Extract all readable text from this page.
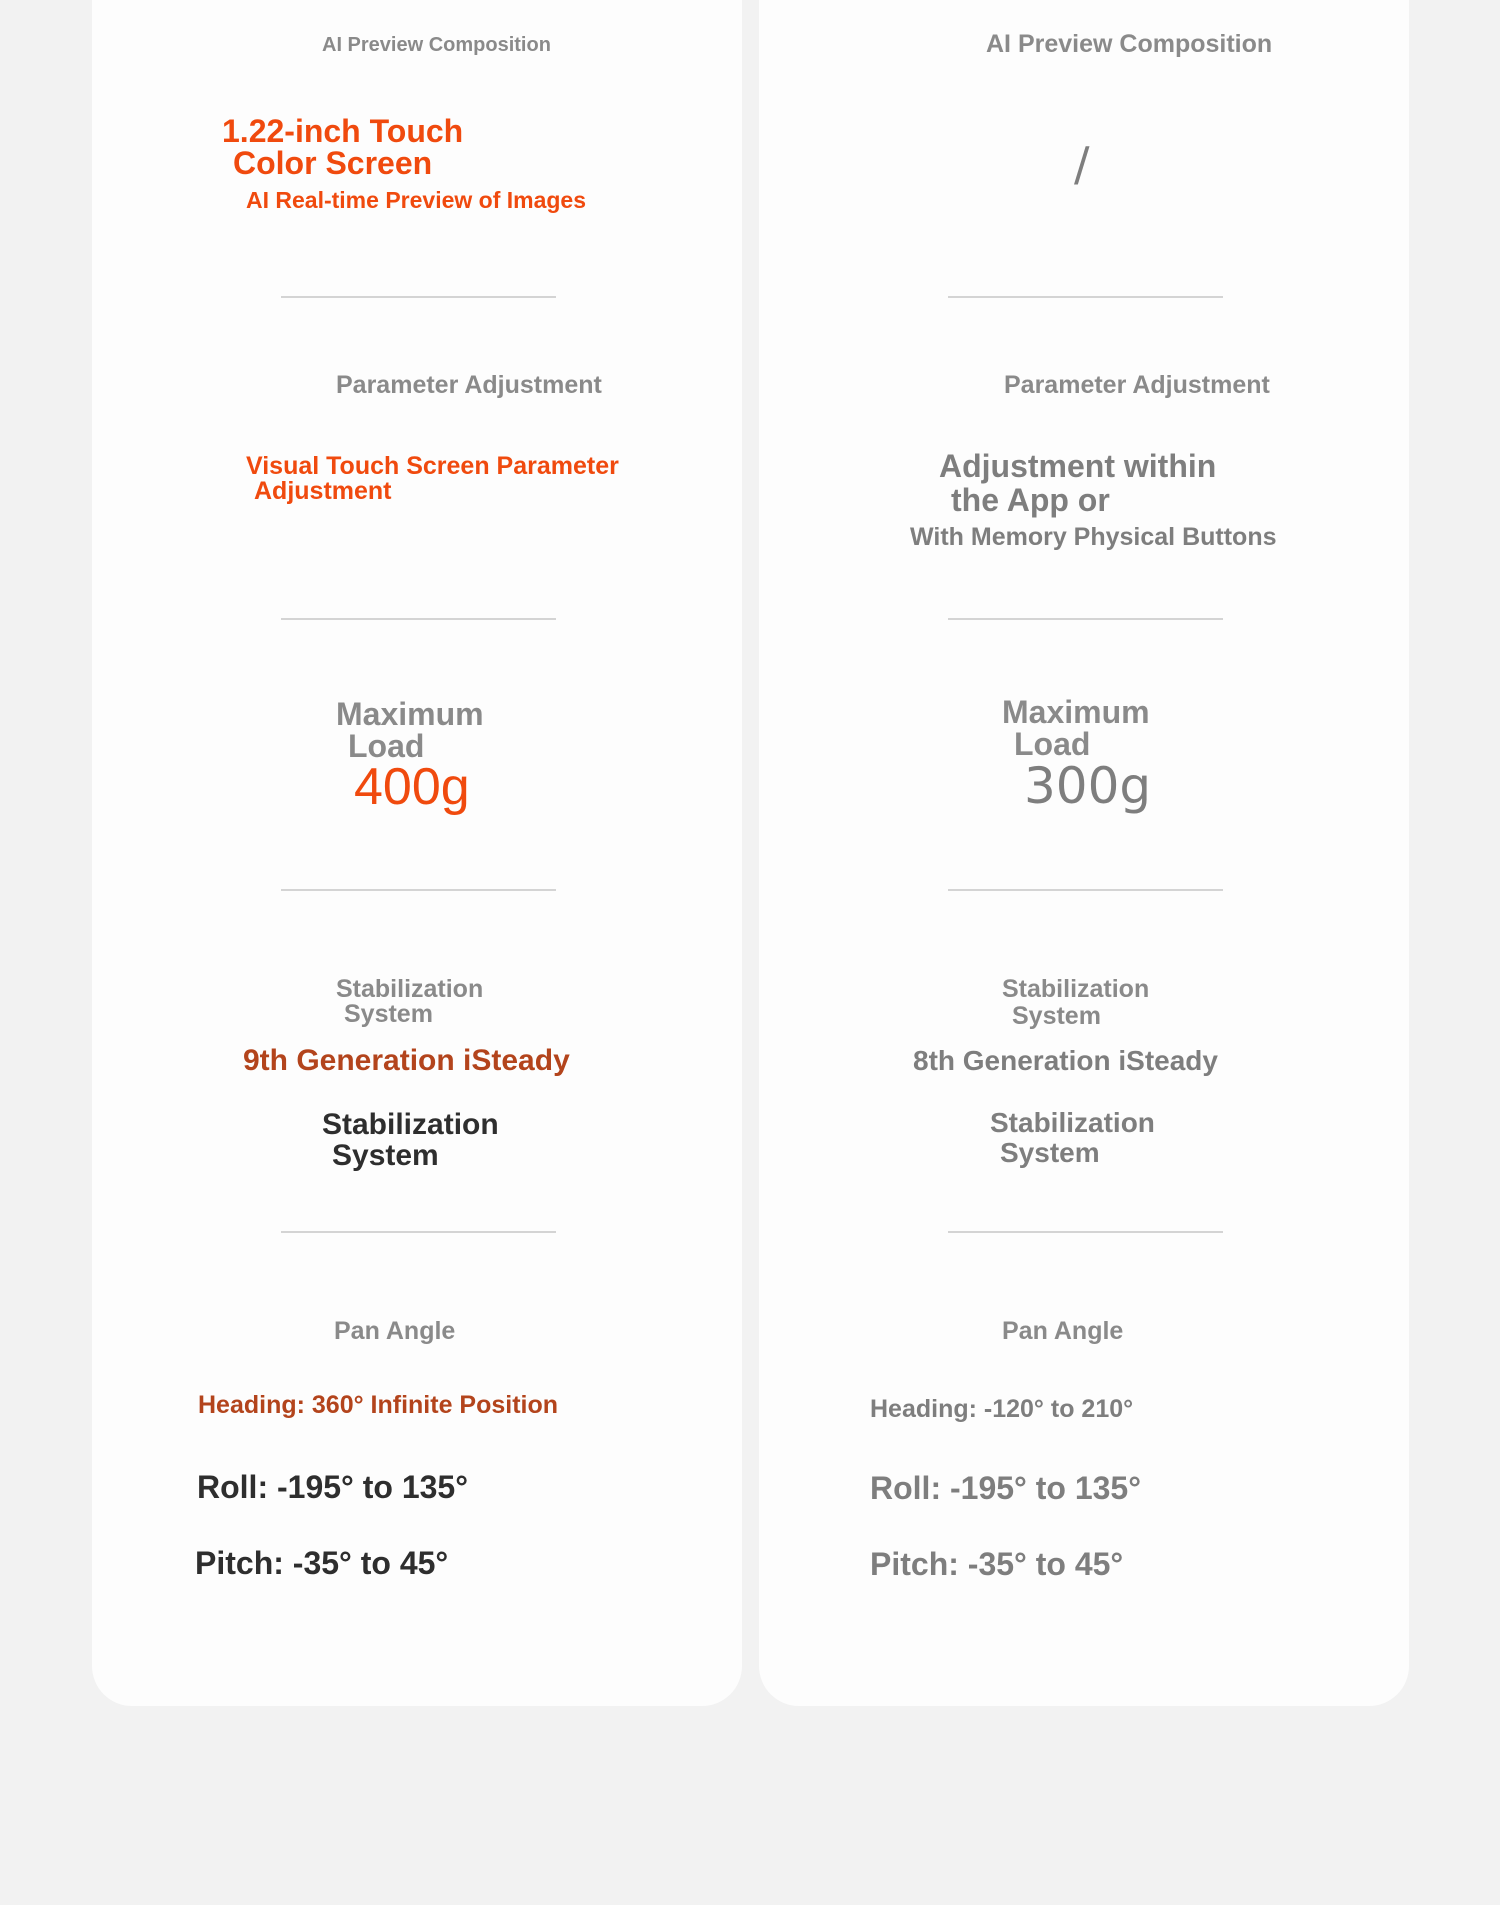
AI Preview Composition
1.22-inch Touch
Color Screen
AI Real-time Preview of Images
Parameter Adjustment
Visual Touch Screen Parameter
Adjustment
Maximum
Load
400g
Stabilization
System
9th Generation iSteady
Stabilization
System
Pan Angle
Heading: 360° Infinite Position
Roll: -195° to 135°
Pitch: -35° to 45°
AI Preview Composition
/
Parameter Adjustment
Adjustment within
the App or
With Memory Physical Buttons
Maximum
Load
300g
Stabilization
System
8th Generation iSteady
Stabilization
System
Pan Angle
Heading: -120° to 210°
Roll: -195° to 135°
Pitch: -35° to 45°
